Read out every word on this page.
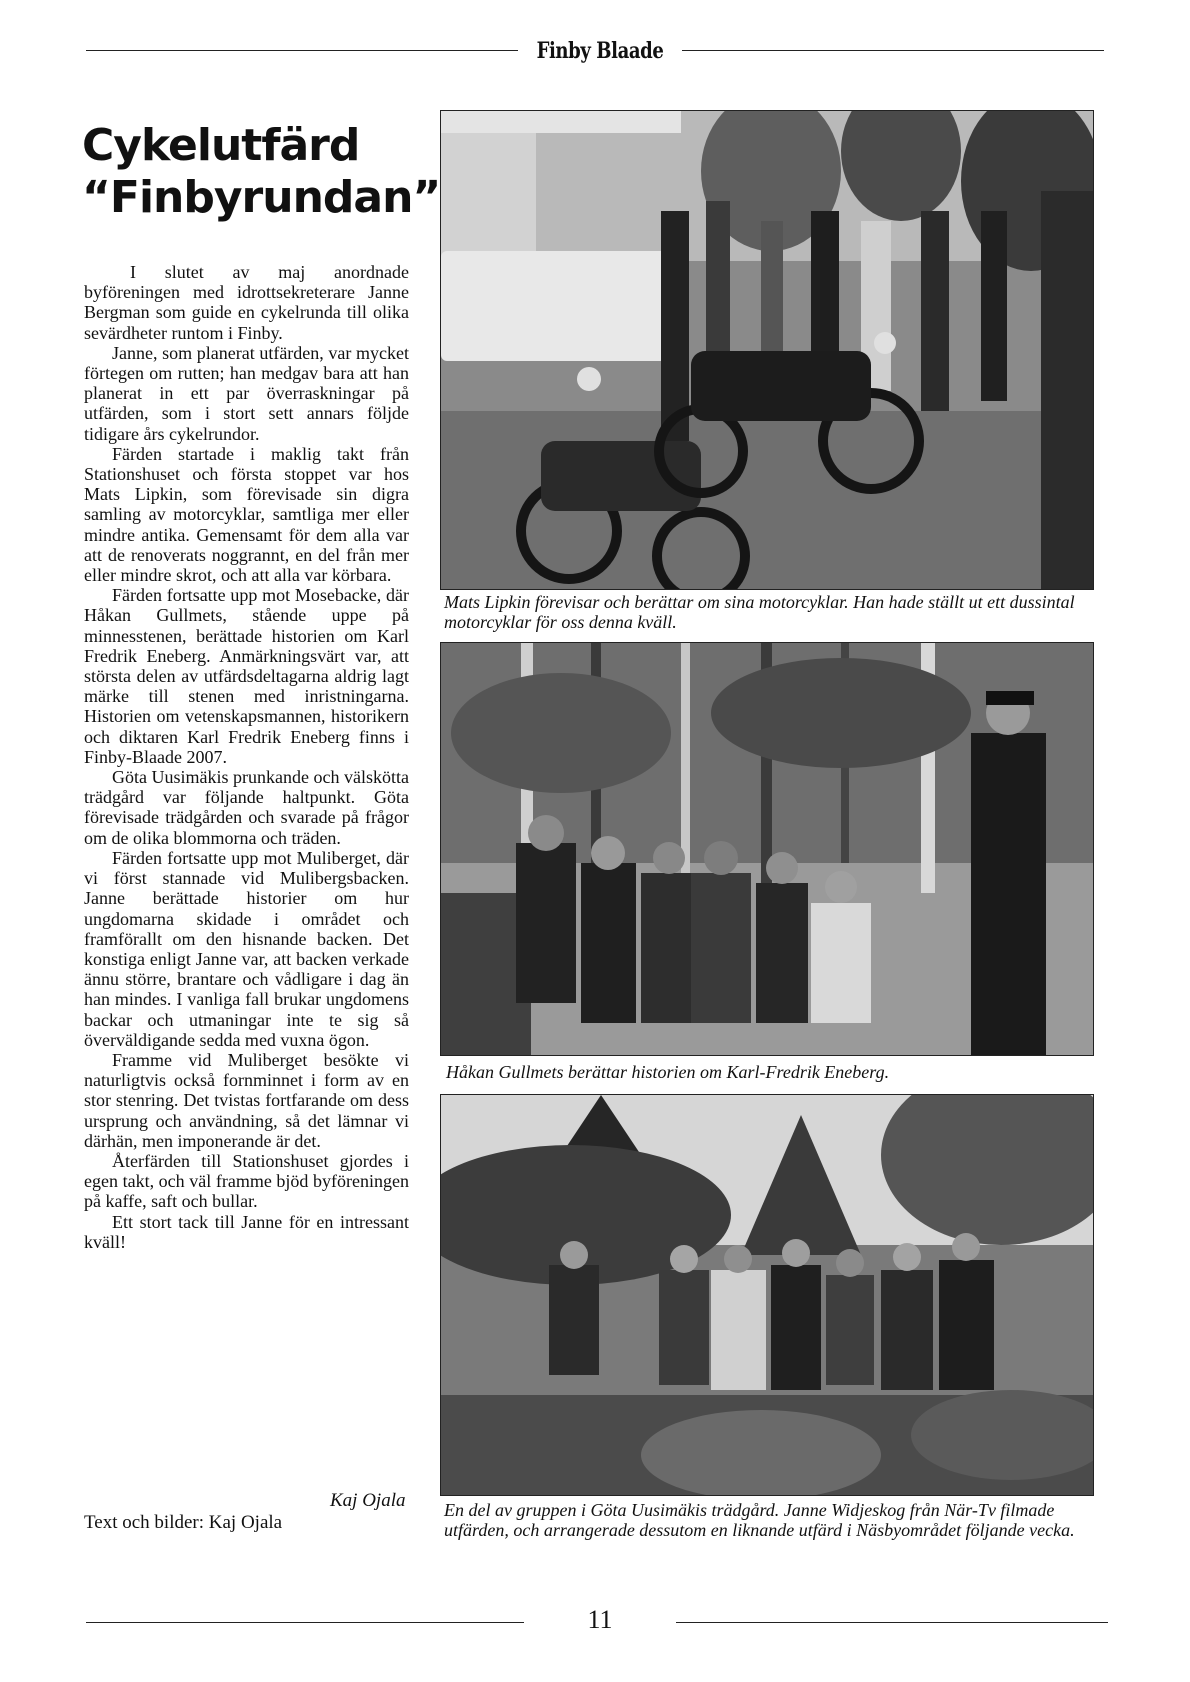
Finby Blaade
Cykelutfärd
“Finbyrundan”

I slutet av maj anordnade byföreningen med idrottsekreterare Janne Bergman som guide en cykelrunda till olika sevärdheter runtom i Finby.

Janne, som planerat utfärden, var mycket förtegen om rutten; han medgav bara att han planerat in ett par överraskningar på utfärden, som i stort sett annars följde tidigare års cykelrundor.

Färden startade i maklig takt från Stationshuset och första stoppet var hos Mats Lipkin, som förevisade sin digra samling av motorcyklar, samtliga mer eller mindre antika. Gemensamt för dem alla var att de renoverats noggrannt, en del från mer eller mindre skrot, och att alla var körbara.

Färden fortsatte upp mot Mosebacke, där Håkan Gullmets, stående uppe på minnesstenen, berättade historien om Karl Fredrik Eneberg. Anmärkningsvärt var, att största delen av utfärdsdeltagarna aldrig lagt märke till stenen med inristningarna. Historien om vetenskapsmannen, historikern och diktaren Karl Fredrik Eneberg finns i Finby-Blaade 2007.

Göta Uusimäkis prunkande och välskötta trädgård var följande haltpunkt. Göta förevisade trädgården och svarade på frågor om de olika blommorna och träden.

Färden fortsatte upp mot Muliberget, där vi först stannade vid Mulibergsbacken. Janne berättade historier om hur ungdomarna skidade i området och framförallt om den hisnande backen. Det konstiga enligt Janne var, att backen verkade ännu större, brantare och vådligare i dag än han mindes. I vanliga fall brukar ungdomens backar och utmaningar inte te sig så överväldigande sedda med vuxna ögon.

Framme vid Muliberget besökte vi naturligtvis också fornminnet i form av en stor stenring. Det tvistas fortfarande om dess ursprung och användning, så det lämnar vi därhän, men imponerande är det.

Återfärden till Stationshuset gjordes i egen takt, och väl framme bjöd byföreningen på kaffe, saft och bullar.

Ett stort tack till Janne för en intressant kväll!

Kaj Ojala
Text och bilder: Kaj Ojala
Mats Lipkin förevisar och berättar om sina motorcyklar. Han hade ställt ut ett dussintal motorcyklar för oss denna kväll.
Håkan Gullmets berättar historien om Karl-Fredrik Eneberg.
En del av gruppen i Göta Uusimäkis trädgård. Janne Widjeskog från När-Tv filmade utfärden, och arrangerade dessutom en liknande utfärd i Näsbyområdet följande vecka.
11
